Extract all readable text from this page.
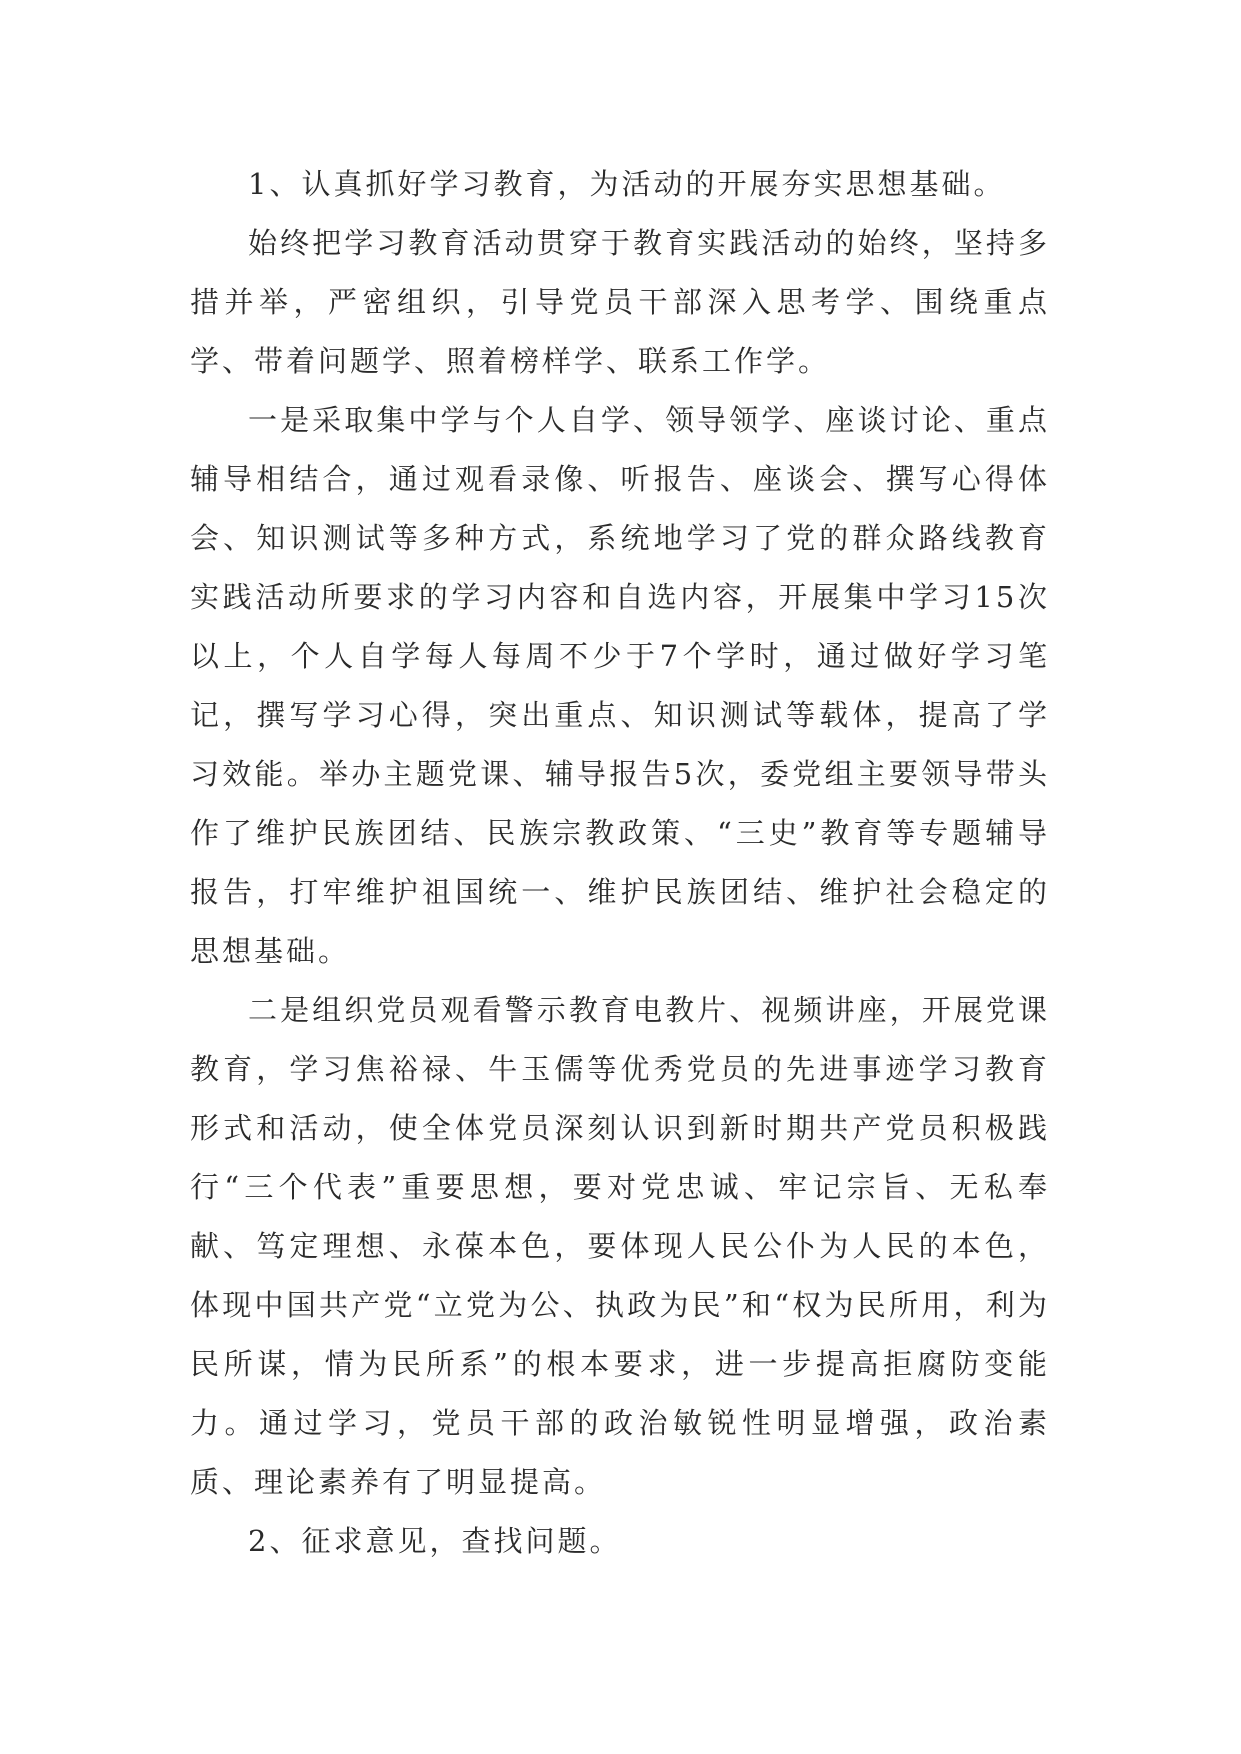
1、认真抓好学习教育，为活动的开展夯实思想基础。

始终把学习教育活动贯穿于教育实践活动的始终，坚持多措并举，严密组织，引导党员干部深入思考学、围绕重点学、带着问题学、照着榜样学、联系工作学。

一是采取集中学与个人自学、领导领学、座谈讨论、重点辅导相结合，通过观看录像、听报告、座谈会、撰写心得体会、知识测试等多种方式，系统地学习了党的群众路线教育实践活动所要求的学习内容和自选内容，开展集中学习15次以上，个人自学每人每周不少于7个学时，通过做好学习笔记，撰写学习心得，突出重点、知识测试等载体，提高了学习效能。举办主题党课、辅导报告5次，委党组主要领导带头作了维护民族团结、民族宗教政策、“三史”教育等专题辅导报告，打牢维护祖国统一、维护民族团结、维护社会稳定的思想基础。

二是组织党员观看警示教育电教片、视频讲座，开展党课教育，学习焦裕禄、牛玉儒等优秀党员的先进事迹学习教育形式和活动，使全体党员深刻认识到新时期共产党员积极践行“三个代表”重要思想，要对党忠诚、牢记宗旨、无私奉献、笃定理想、永葆本色，要体现人民公仆为人民的本色，体现中国共产党“立党为公、执政为民”和“权为民所用，利为民所谋，情为民所系”的根本要求，进一步提高拒腐防变能力。通过学习，党员干部的政治敏锐性明显增强，政治素质、理论素养有了明显提高。

2、征求意见，查找问题。
